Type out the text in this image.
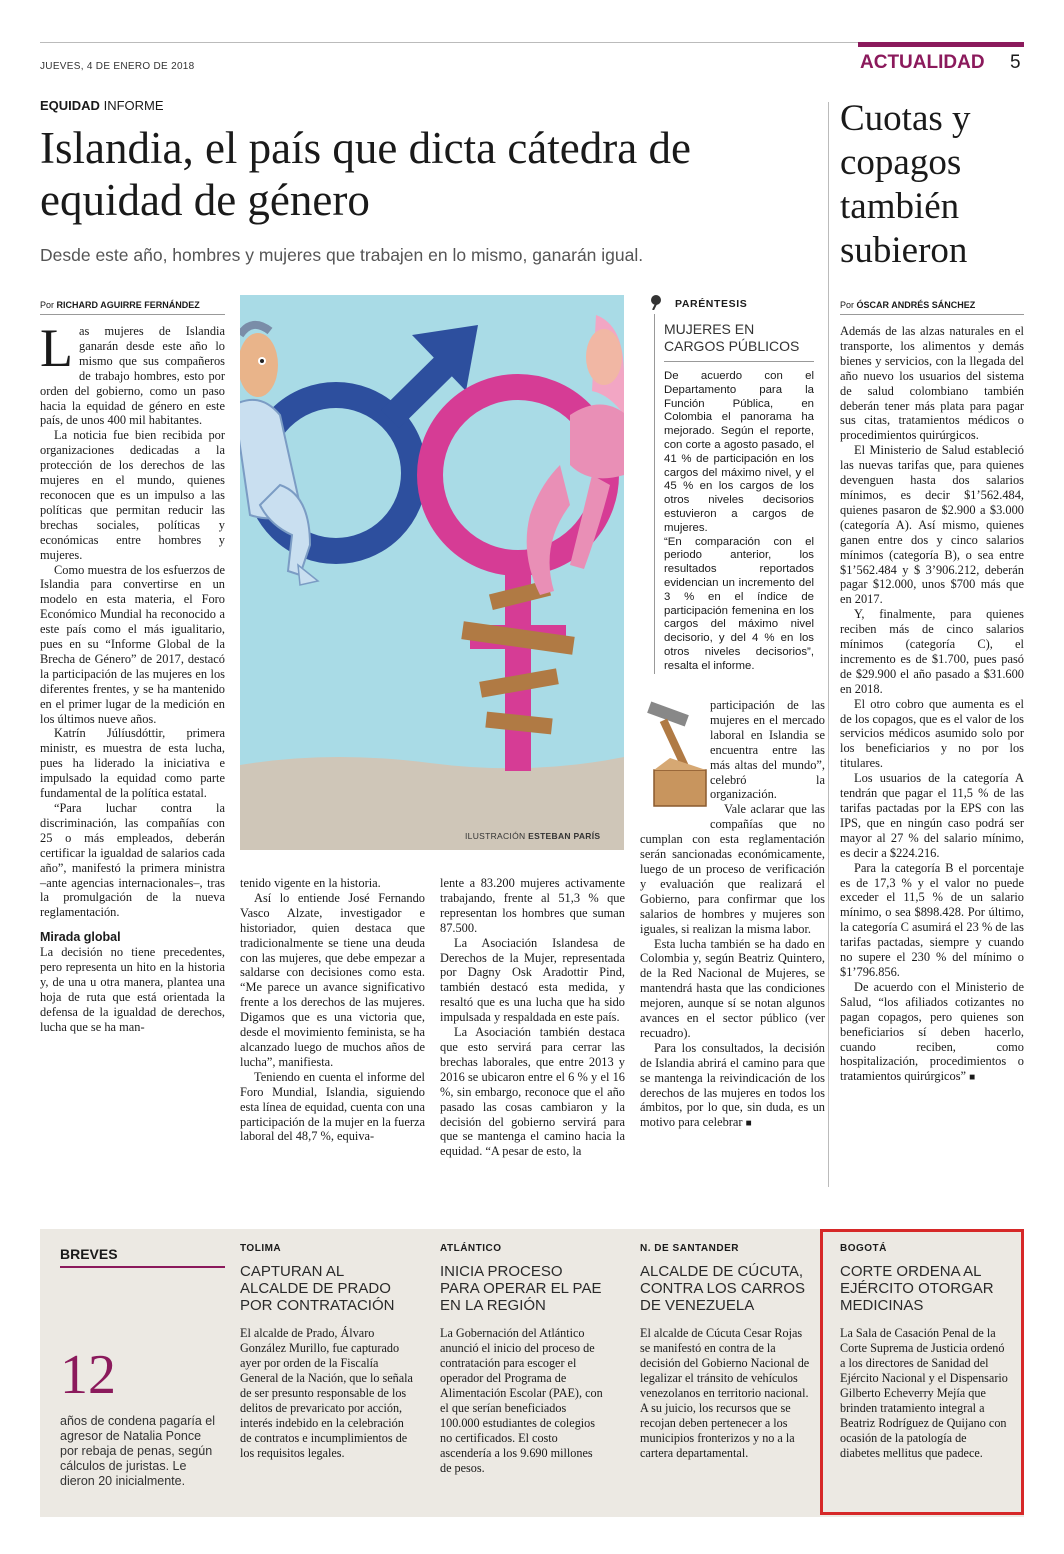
JUEVES, 4 DE ENERO DE 2018	ACTUALIDAD 5
EQUIDAD INFORME
Islandia, el país que dicta cátedra de equidad de género
Desde este año, hombres y mujeres que trabajen en lo mismo, ganarán igual.
Por RICHARD AGUIRRE FERNÁNDEZ
L as mujeres de Islandia ganarán desde este año lo mismo que sus compañeros de trabajo hombres, esto por orden del gobierno, como un paso hacia la equidad de género en este país, de unos 400 mil habitantes.

La noticia fue bien recibida por organizaciones dedicadas a la protección de los derechos de las mujeres en el mundo, quienes reconocen que es un impulso a las políticas que permitan reducir las brechas sociales, políticas y económicas entre hombres y mujeres.

Como muestra de los esfuerzos de Islandia para convertirse en un modelo en esta materia, el Foro Económico Mundial ha reconocido a este país como el más igualitario, pues en su “Informe Global de la Brecha de Género” de 2017, destacó la participación de las mujeres en los diferentes frentes, y se ha mantenido en el primer lugar de la medición en los últimos nueve años.

Katrín Júlíusdóttir, primera ministr, es muestra de esta lucha, pues ha liderado la iniciativa e impulsado la equidad como parte fundamental de la política estatal.

“Para luchar contra la discriminación, las compañías con 25 o más empleados, deberán certificar la igualdad de salarios cada año”, manifestó la primera ministra –ante agencias internacionales–, tras la promulgación de la nueva reglamentación.

Mirada global

La decisión no tiene precedentes, pero representa un hito en la historia y, de una u otra manera, plantea una hoja de ruta que está orientada la defensa de la igualdad de derechos, lucha que se ha man-

ILUSTRACIÓN ESTEBAN PARÍS

tenido vigente en la historia.

Así lo entiende José Fernando Vasco Alzate, investigador e historiador, quien destaca que tradicionalmente se tiene una deuda con las mujeres, que debe empezar a saldarse con decisiones como esta. “Me parece un avance significativo frente a los derechos de las mujeres. Digamos que es una victoria que, desde el movimiento feminista, se ha alcanzado luego de muchos años de lucha”, manifiesta.

Teniendo en cuenta el informe del Foro Mundial, Islandia, siguiendo esta línea de equidad, cuenta con una participación de la mujer en la fuerza laboral del 48,7 %, equiva-

lente a 83.200 mujeres activamente trabajando, frente al 51,3 % que representan los hombres que suman 87.500.

La Asociación Islandesa de Derechos de la Mujer, representada por Dagny Osk Aradottir Pind, también destacó esta medida, y resaltó que es una lucha que ha sido impulsada y respaldada en este país.

La Asociación también destaca que esto servirá para cerrar las brechas laborales, que entre 2013 y 2016 se ubicaron entre el 6 % y el 16 %, sin embargo, reconoce que el año pasado las cosas cambiaron y la decisión del gobierno servirá para que se mantenga el camino hacia la equidad. “A pesar de esto, la

PARÉNTESIS
MUJERES EN CARGOS PÚBLICOS

De acuerdo con el Departamento para la Función Pública, en Colombia el panorama ha mejorado. Según el reporte, con corte a agosto pasado, el 41 % de participación en los cargos del máximo nivel, y el 45 % en los cargos de los otros niveles decisorios estuvieron a cargos de mujeres.

“En comparación con el periodo anterior, los resultados reportados evidencian un incremento del 3 % en el índice de participación femenina en los cargos del máximo nivel decisorio, y del 4 % en los otros niveles decisorios”, resalta el informe.

participación de las mujeres en el mercado laboral en Islandia se encuentra entre las más altas del mundo”, celebró la organización.

Vale aclarar que las compañías que no cumplan con esta reglamentación serán sancionadas económicamente, luego de un proceso de verificación y evaluación que realizará el Gobierno, para confirmar que los salarios de hombres y mujeres son iguales, si realizan la misma labor.

Esta lucha también se ha dado en Colombia y, según Beatriz Quintero, de la Red Nacional de Mujeres, se mantendrá hasta que las condiciones mejoren, aunque sí se notan algunos avances en el sector público (ver recuadro).

Para los consultados, la decisión de Islandia abrirá el camino para que se mantenga la reivindicación de los derechos de las mujeres en todos los ámbitos, por lo que, sin duda, es un motivo para celebrar ■

Cuotas y copagos también subieron
Por ÓSCAR ANDRÉS SÁNCHEZ

Además de las alzas naturales en el transporte, los alimentos y demás bienes y servicios, con la llegada del año nuevo los usuarios del sistema de salud colombiano también deberán tener más plata para pagar sus citas, tratamientos médicos o procedimientos quirúrgicos.

El Ministerio de Salud estableció las nuevas tarifas que, para quienes devenguen hasta dos salarios mínimos, es decir $1’562.484, quienes pasaron de $2.900 a $3.000 (categoría A). Así mismo, quienes ganen entre dos y cinco salarios mínimos (categoría B), o sea entre $1’562.484 y $ 3’906.212, deberán pagar $12.000, unos $700 más que en 2017.

Y, finalmente, para quienes reciben más de cinco salarios mínimos (categoría C), el incremento es de $1.700, pues pasó de $29.900 el año pasado a $31.600 en 2018.

El otro cobro que aumenta es el de los copagos, que es el valor de los servicios médicos asumido solo por los beneficiarios y no por los titulares.

Los usuarios de la categoría A tendrán que pagar el 11,5 % de las tarifas pactadas por la EPS con las IPS, que en ningún caso podrá ser mayor al 27 % del salario mínimo, es decir a $224.216.

Para la categoría B el porcentaje es de 17,3 % y el valor no puede exceder el 11,5 % de un salario mínimo, o sea $898.428. Por último, la categoría C asumirá el 23 % de las tarifas pactadas, siempre y cuando no supere el 230 % del mínimo o $1’796.856.

De acuerdo con el Ministerio de Salud, “los afiliados cotizantes no pagan copagos, pero quienes son beneficiarios sí deben hacerlo, cuando reciben, como hospitalización, procedimientos o tratamientos quirúrgicos” ■

BREVES
12
años de condena pagaría el agresor de Natalia Ponce por rebaja de penas, según cálculos de juristas. Le dieron 20 inicialmente.
TOLIMA
CAPTURAN AL ALCALDE DE PRADO POR CONTRATACIÓN
El alcalde de Prado, Álvaro González Murillo, fue capturado ayer por orden de la Fiscalía General de la Nación, que lo señala de ser presunto responsable de los delitos de prevaricato por acción, interés indebido en la celebración de contratos e incumplimientos de los requisitos legales.
ATLÁNTICO
INICIA PROCESO PARA OPERAR EL PAE EN LA REGIÓN
La Gobernación del Atlántico anunció el inicio del proceso de contratación para escoger el operador del Programa de Alimentación Escolar (PAE), con el que serían beneficiados 100.000 estudiantes de colegios no certificados. El costo ascendería a los 9.690 millones de pesos.
N. DE SANTANDER
ALCALDE DE CÚCUTA, CONTRA LOS CARROS DE VENEZUELA
El alcalde de Cúcuta Cesar Rojas se manifestó en contra de la decisión del Gobierno Nacional de legalizar el tránsito de vehículos venezolanos en territorio nacional. A su juicio, los recursos que se recojan deben pertenecer a los municipios fronterizos y no a la cartera departamental.
BOGOTÁ
CORTE ORDENA AL EJÉRCITO OTORGAR MEDICINAS
La Sala de Casación Penal de la Corte Suprema de Justicia ordenó a los directores de Sanidad del Ejército Nacional y el Dispensario Gilberto Echeverry Mejía que brinden tratamiento integral a Beatriz Rodríguez de Quijano con ocasión de la patología de diabetes mellitus que padece.
